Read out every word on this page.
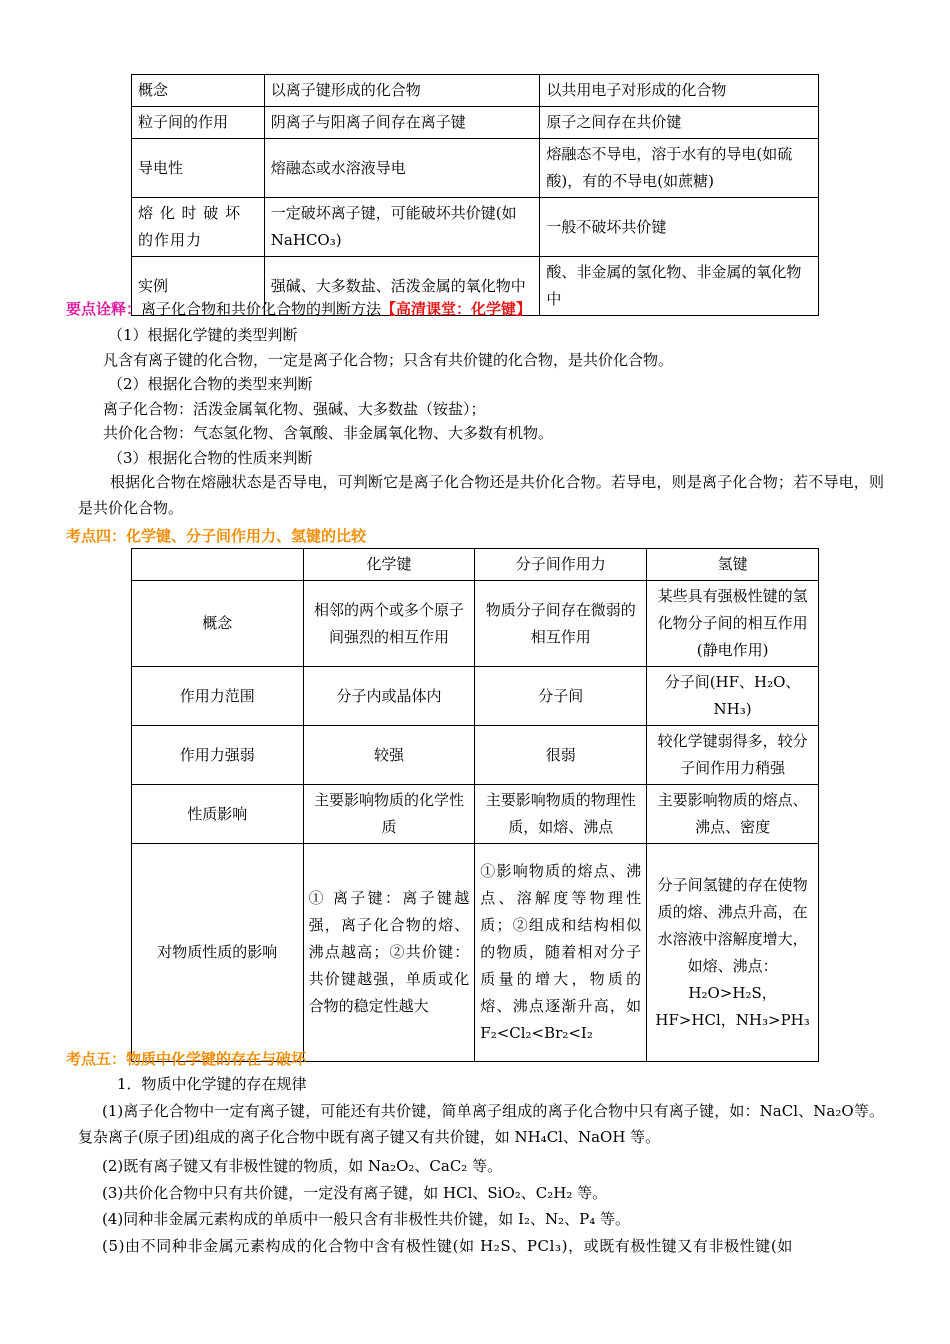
概念	以离子键形成的化合物	以共用电子对形成的化合物
粒子间的作用	阴离子与阳离子间存在离子键	原子之间存在共价键
导电性	熔融态或水溶液导电	熔融态不导电，溶于水有的导电(如硫酸)，有的不导电(如蔗糖)
熔 化 时 破 坏 的作用力	一定破坏离子键，可能破坏共价键(如 NaHCO₃)	一般不破坏共价键
实例	强碱、大多数盐、活泼金属的氧化物中	酸、非金属的氢化物、非金属的氧化物中
要点诠释：离子化合物和共价化合物的判断方法【高清课堂：化学键】
（1）根据化学键的类型判断
凡含有离子键的化合物，一定是离子化合物；只含有共价键的化合物，是共价化合物。
（2）根据化合物的类型来判断
离子化合物：活泼金属氧化物、强碱、大多数盐（铵盐）；
共价化合物：气态氢化物、含氧酸、非金属氧化物、大多数有机物。
（3）根据化合物的性质来判断
根据化合物在熔融状态是否导电，可判断它是离子化合物还是共价化合物。若导电，则是离子化合物；若不导电，则是共价化合物。
考点四：化学键、分子间作用力、氢键的比较
	化学键	分子间作用力	氢键
概念	相邻的两个或多个原子间强烈的相互作用	物质分子间存在微弱的相互作用	某些具有强极性键的氢化物分子间的相互作用(静电作用)
作用力范围	分子内或晶体内	分子间	分子间(HF、H₂O、NH₃)
作用力强弱	较强	很弱	较化学键弱得多，较分子间作用力稍强
性质影响	主要影响物质的化学性质	主要影响物质的物理性质，如熔、沸点	主要影响物质的熔点、沸点、密度
对物质性质的影响	① 离子键：离子键越强，离子化合物的熔、沸点越高；②共价键：共价键越强，单质或化合物的稳定性越大	①影响物质的熔点、沸点、溶解度等物理性质；②组成和结构相似的物质，随着相对分子质量的增大，物质的熔、沸点逐渐升高，如F₂<Cl₂<Br₂<I₂	分子间氢键的存在使物质的熔、沸点升高，在水溶液中溶解度增大，如熔、沸点：H₂O>H₂S，HF>HCl，NH₃>PH₃
考点五：物质中化学键的存在与破坏
1．物质中化学键的存在规律
(1)离子化合物中一定有离子键，可能还有共价键，简单离子组成的离子化合物中只有离子键，如：NaCl、Na₂O等。复杂离子(原子团)组成的离子化合物中既有离子键又有共价键，如 NH₄Cl、NaOH 等。
(2)既有离子键又有非极性键的物质，如 Na₂O₂、CaC₂ 等。
(3)共价化合物中只有共价键，一定没有离子键，如 HCl、SiO₂、C₂H₂ 等。
(4)同种非金属元素构成的单质中一般只含有非极性共价键，如 I₂、N₂、P₄ 等。
(5)由不同种非金属元素构成的化合物中含有极性键(如 H₂S、PCl₃)，或既有极性键又有非极性键(如
